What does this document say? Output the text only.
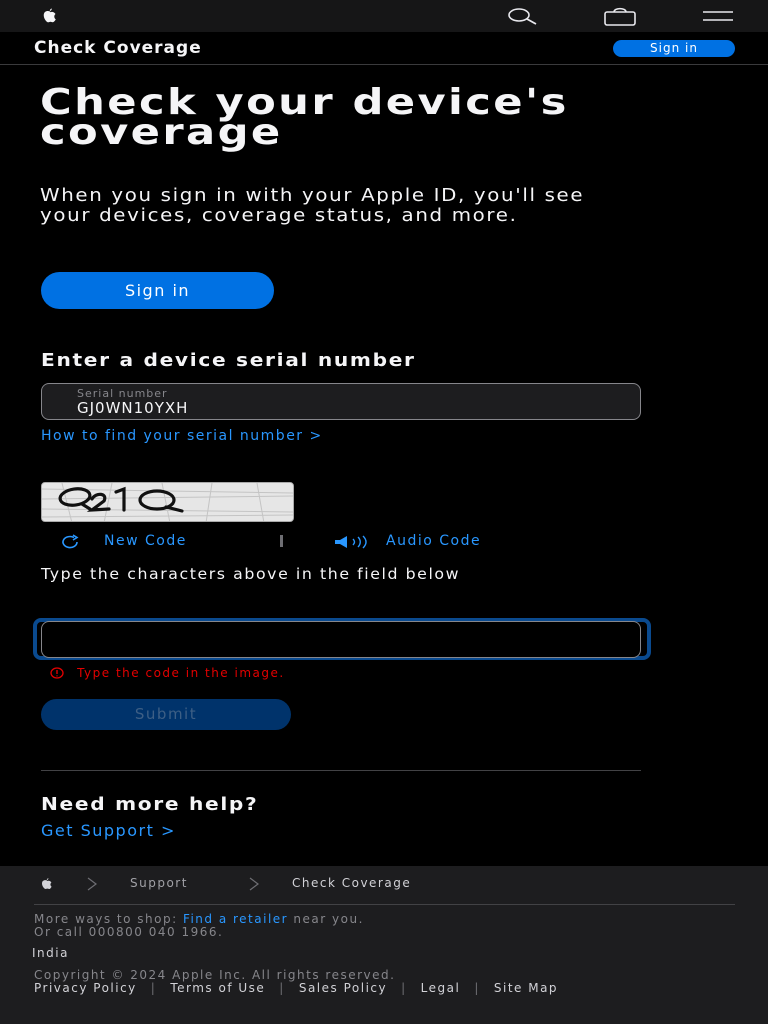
Check Coverage	Sign in
Check your device's coverage

When you sign in with your Apple ID, you'll see your devices, coverage status, and more.

Sign in
Enter a device serial number
Serial number
GJ0WN10YXH
How to find your serial number >
New Code	Audio Code

Type the characters above in the field below

Type the code in the image.
Submit
Need more help?
Get Support >
Support	Check Coverage
More ways to shop: Find a retailer near you.
Or call 000800 040 1966.
India
Copyright © 2024 Apple Inc. All rights reserved.
Privacy Policy | Terms of Use | Sales Policy | Legal | Site Map
